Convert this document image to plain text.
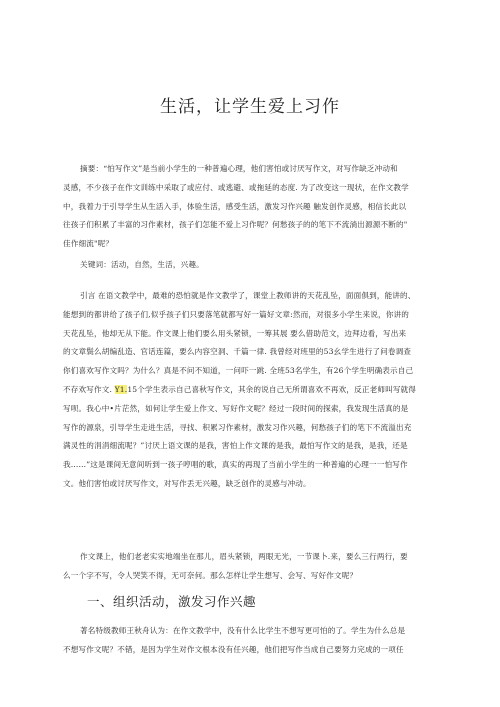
生活，让学生爱上习作
摘要：“怕写作文”是当前小学生的一种普遍心理，他们害怕或讨厌写作文，对写作缺乏冲动和
灵感，不少孩子在作文训练中采取了或应付、或逃避、或拖延的态度. 为了改变这一现状，在作文教学
中，我着力于引导学生从生活入手，体验生活，感受生活，激发习作兴趣 触发创作灵感，相信长此以
往孩子们积累了丰富的习作素材，孩子们怎能不爱上习作呢？何愁孩子的的笔下不流淌出源源不断的"
佳作细流"呢？
关键词：活动，自然，生活，兴趣。
引言 在语文教学中，最难的恐怕就是作文教学了，课堂上教师讲的天花乱坠，面面俱到，能讲的、
能想到的都讲给了孩子们,似乎孩子们只要落笔就都写好一篇好文章:然而，对很多小学生来说，你讲的
天花乱坠，他却无从下能。作文课上他们要么用头紧锁，一筹其展 要么借助范文，边拜边看，写出来
的文章鬓么胡编乱造、官话连篇，要么内容空洞、千篇一律. 我曾经对班里的53幺学生进行了问卷调查
你们喜欢写作文吗？为什么？真是不问不知道，一问吓一跳. 全班53名学生，有26个学生明确表示自己
不存欢写作文. Y1.15个学生表示自己喜秋写作文，其余的说自己无所谓喜欢不再欢，反正老师叫写就得
写呗。我心中•片茫然，如何让学生爱上作文、写好作文呢？经过一段时间的探索，我发现生活真的是
写作的源泉，引导学生走进生活，寻找、积累习作素材，激发习作兴趣，何愁孩子们的笔下不流溢出充
满灵性的涓涓细流呢？”讨厌上语文课的是我，害怕上作文课的是我，最怕写作文的是我，是我，还是
我……”这是课间无意间听到一孩子哼唱的歌，真实的再现了当前小学生的一种普遍的心理一一怕写作
文。他们害怕或讨厌写作文，对写作丢无兴趣，缺乏创作的灵感与冲动。
作文课上，他们老老实实地端坐在那儿，眉头紧锁，两眼无光，一节课卜.来，要么三行两行，要
么一个字不写，令人哭笑不得，无可奈何。那么怎样让学生想写、会写、写好作文呢？
一、组织活动，激发习作兴趣
著名特级教师王秋舟认为：在作文教学中，没有什么比学生不想写更可怕的了。学生为什么总是
不想写作文呢？不错，是因为学生对作文根本没有任兴趣，他们把写作当成自己要努力完成的一项任
